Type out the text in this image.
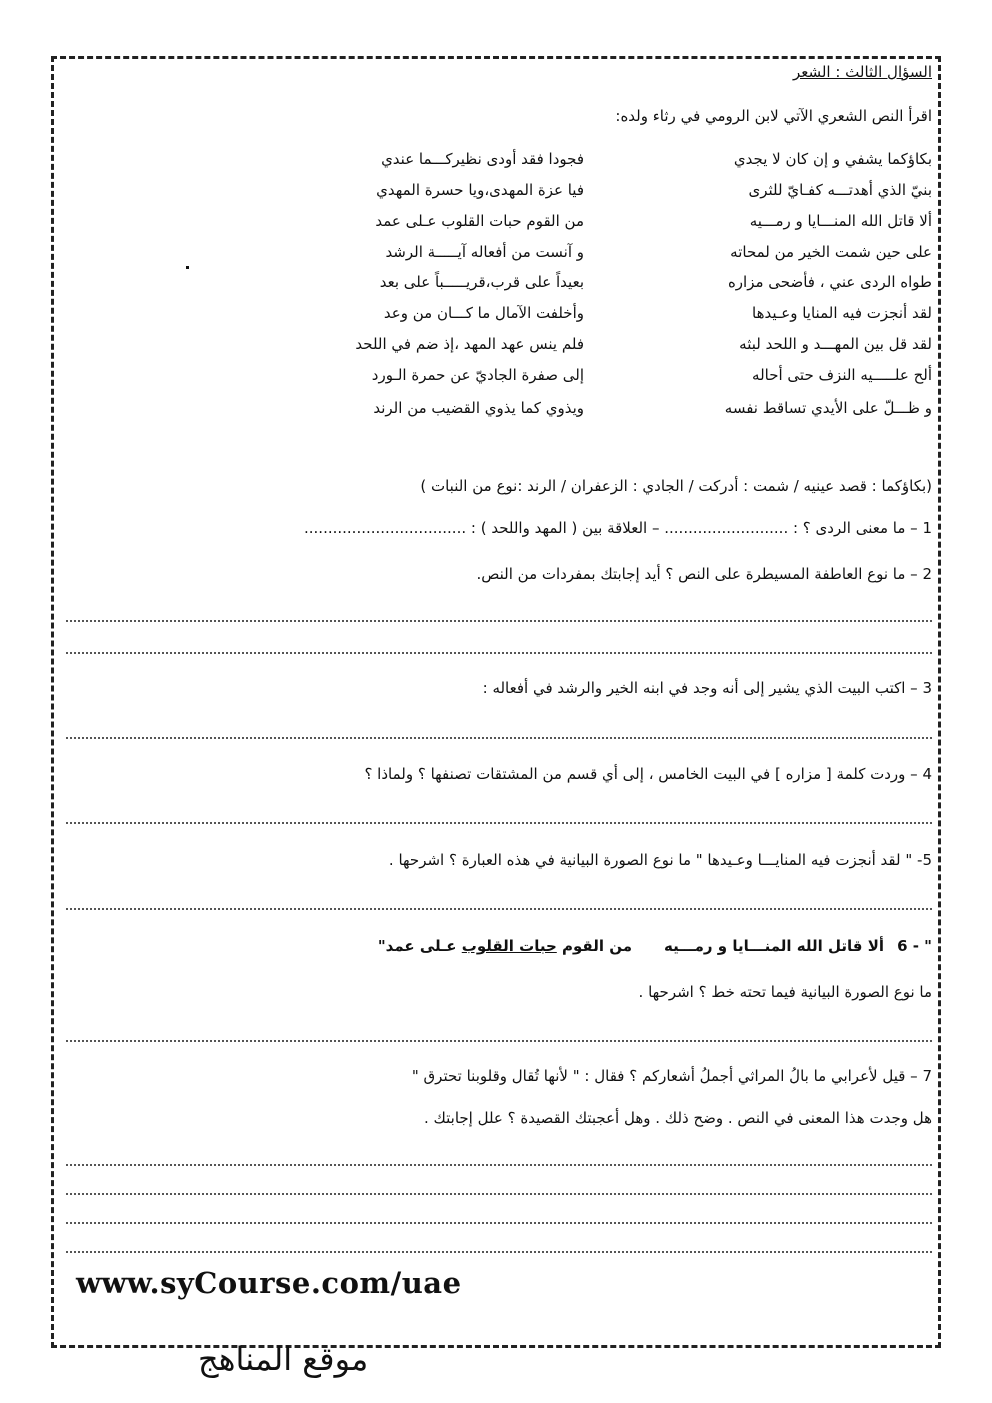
السؤال الثالث : الشعر
اقرأ النص الشعري الآتي لابن الرومي في رثاء ولده:
بكاؤكما يشفي و إن كان لا يجدي
فجودا فقد أودى نظيركـــما عندي
بنيّ الذي أهدتـــه كفـايّ للثرى
فيا عزة المهدى،ويا حسرة المهدي
ألا قاتل الله المنـــايا و رمـــيه
من القوم حبات القلوب عـلى عمد
على حين شمت الخير من لمحاته
و آنست من أفعاله آيـــــة الرشد
طواه الردى عني ، فأضحى مزاره
بعيداً على قرب،قريـــــباً على بعد
لقد أنجزت فيه المنايا وعـيدها
وأخلفت الآمال ما كـــان من وعد
لقد قل بين المهـــد و اللحد لبثه
فلم ينس عهد المهد ،إذ ضم في اللحد
ألح علـــــيه النزف حتى أحاله
إلى صفرة الجاديّ عن حمرة الـورد
و ظـــلّ على الأيدي تساقط نفسه
ويذوي كما يذوي القضيب من الرند
(بكاؤكما : قصد عينيه / شمت : أدركت / الجادي : الزعفران / الرند :نوع من النبات )
1 – ما معنى الردى ؟ : .......................... – العلاقة بين ( المهد واللحد ) : ..................................
2 – ما نوع العاطفة المسيطرة على النص ؟ أيد إجابتك بمفردات من النص.
3 – اكتب البيت الذي يشير إلى أنه وجد في ابنه الخير والرشد في أفعاله :
4 – وردت كلمة [ مزاره ] في البيت الخامس ، إلى أي قسم من المشتقات تصنفها ؟ ولماذا ؟
5- " لقد أنجزت فيه المنايـــا وعـيدها " ما نوع الصورة البيانية في هذه العبارة ؟ اشرحها .
6 - "
ألا قاتل الله المنـــايا و رمـــيه
من القوم حبات القلوب عـلى عمد"
ما نوع الصورة البيانية فيما تحته خط ؟ اشرحها .
7 – قيل لأعرابي ما بالُ المراثي أجملُ أشعاركم ؟ فقال : " لأنها تُقال وقلوبنا تحترق "
هل وجدت هذا المعنى في النص . وضح ذلك . وهل أعجبتك القصيدة ؟ علل إجابتك .
www.syCourse.com/uae
موقع المناهج
